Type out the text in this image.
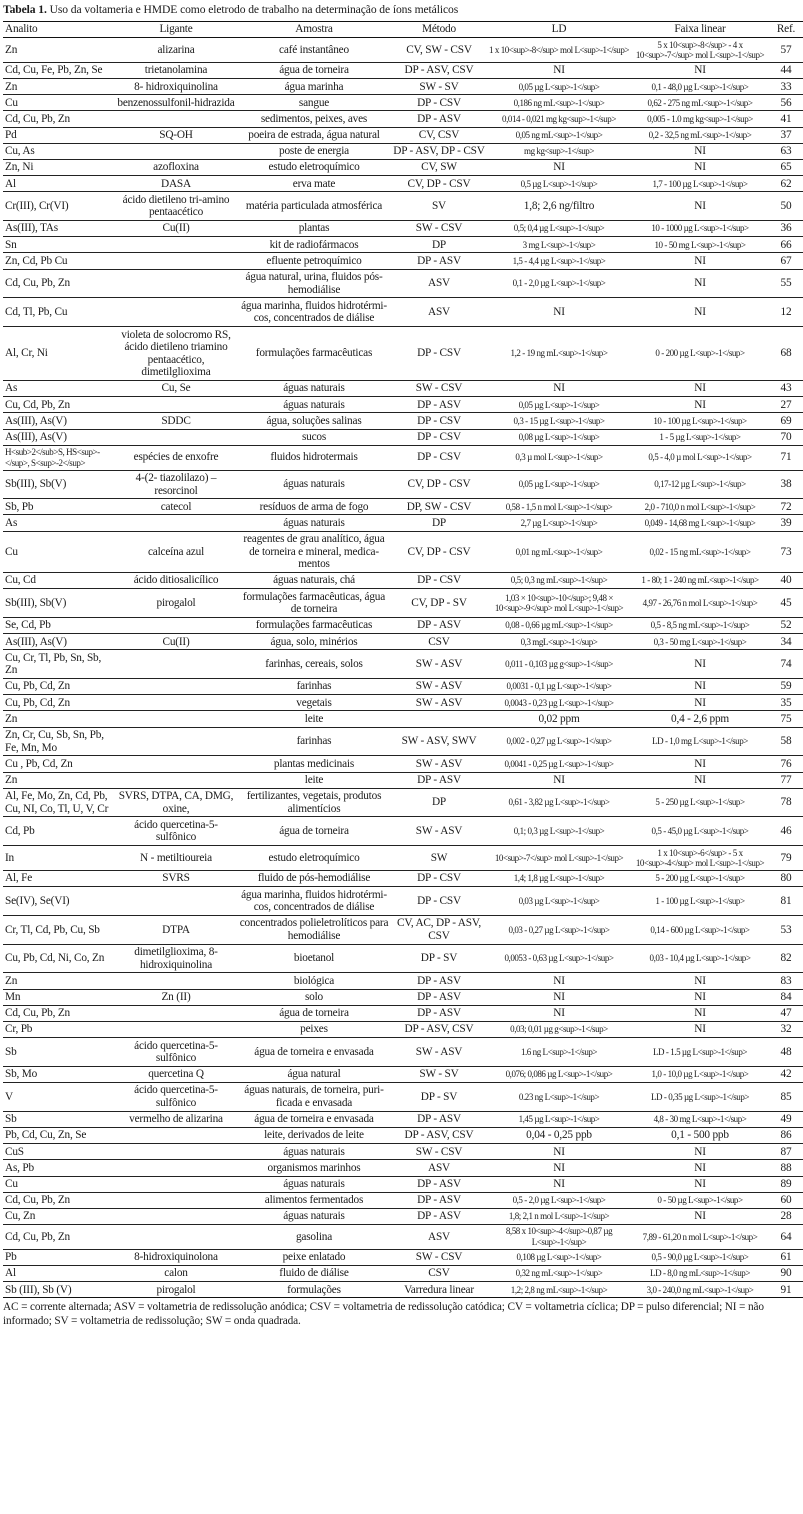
Tabela 1. Uso da voltameria e HMDE como eletrodo de trabalho na determinação de íons metálicos
Analito	Ligante	Amostra	Método	LD	Faixa linear	Ref.
Zn	alizarina	café instantâneo	CV, SW - CSV	1 x 10<sup>-8</sup> mol L<sup>-1</sup>	5 x 10<sup>-8</sup> - 4 x 10<sup>-7</sup> mol L<sup>-1</sup>	57
Cd, Cu, Fe, Pb, Zn, Se	trietanolamina	água de torneira	DP - ASV, CSV	NI	NI	44
Zn	8- hidroxiquinolina	água marinha	SW - SV	0,05 µg L<sup>-1</sup>	0,1 - 48,0 µg L<sup>-1</sup>	33
Cu	benzenossulfonil-hidrazida	sangue	DP - CSV	0,186 ng mL<sup>-1</sup>	0,62 - 275 ng mL<sup>-1</sup>	56
Cd, Cu, Pb, Zn		sedimentos, peixes, aves	DP - ASV	0,014 - 0,021 mg kg<sup>-1</sup>	0,005 - 1.0 mg kg<sup>-1</sup>	41
Pd	SQ-OH	poeira de estrada, água natural	CV, CSV	0,05 ng mL<sup>-1</sup>	0,2 - 32,5 ng mL<sup>-1</sup>	37
Cu, As		poste de energia	DP - ASV, DP - CSV	mg kg<sup>-1</sup>	NI	63
Zn, Ni	azofloxina	estudo eletroquímico	CV, SW	NI	NI	65
Al	DASA	erva mate	CV, DP - CSV	0,5 µg L<sup>-1</sup>	1,7 - 100 µg L<sup>-1</sup>	62
Cr(III), Cr(VI)	ácido dietileno tri-amino pentaacético	matéria particulada atmosférica	SV	1,8; 2,6 ng/filtro	NI	50
As(III), TAs	Cu(II)	plantas	SW - CSV	0,5; 0,4 µg L<sup>-1</sup>	10 - 1000 µg L<sup>-1</sup>	36
Sn		kit de radiofármacos	DP	3 mg L<sup>-1</sup>	10 - 50 mg L<sup>-1</sup>	66
Zn, Cd, Pb Cu		efluente petroquímico	DP - ASV	1,5 - 4,4 µg L<sup>-1</sup>	NI	67
Cd, Cu, Pb, Zn		água natural, urina, fluidos pós-hemodiálise	ASV	0,1 - 2,0 µg L<sup>-1</sup>	NI	55
Cd, Tl, Pb, Cu		água marinha, fluidos hidrotérmi-cos, concentrados de diálise	ASV	NI	NI	12
Al, Cr, Ni	violeta de solocromo RS, ácido dietileno triamino pentaacético, dimetilglioxima	formulações farmacêuticas	DP - CSV	1,2 - 19 ng mL<sup>-1</sup>	0 - 200 µg L<sup>-1</sup>	68
As	Cu, Se	águas naturais	SW - CSV	NI	NI	43
Cu, Cd, Pb, Zn		águas naturais	DP - ASV	0,05 µg L<sup>-1</sup>	NI	27
As(III), As(V)	SDDC	água, soluções salinas	DP - CSV	0,3 - 15 µg L<sup>-1</sup>	10 - 100 µg L<sup>-1</sup>	69
As(III), As(V)		sucos	DP - CSV	0,08 µg L<sup>-1</sup>	1 - 5 µg L<sup>-1</sup>	70
H<sub>2</sub>S, HS<sup>-</sup>, S<sup>-2</sup>	espécies de enxofre	fluidos hidrotermais	DP - CSV	0,3 µ mol L<sup>-1</sup>	0,5 - 4,0 µ mol L<sup>-1</sup>	71
Sb(III), Sb(V)	4-(2- tiazolilazo) – resorcinol	águas naturais	CV, DP - CSV	0,05 µg L<sup>-1</sup>	0,17-12 µg L<sup>-1</sup>	38
Sb, Pb	catecol	resíduos de arma de fogo	DP, SW - CSV	0,58 - 1,5 n mol L<sup>-1</sup>	2,0 - 710,0 n mol L<sup>-1</sup>	72
As		águas naturais	DP	2,7 µg L<sup>-1</sup>	0,049 - 14,68 mg L<sup>-1</sup>	39
Cu	calceína azul	reagentes de grau analítico, água de torneira e mineral, medica-mentos	CV, DP - CSV	0,01 ng mL<sup>-1</sup>	0,02 - 15 ng mL<sup>-1</sup>	73
Cu, Cd	ácido ditiosalicílico	águas naturais, chá	DP - CSV	0,5; 0,3 ng mL<sup>-1</sup>	1 - 80; 1 - 240 ng mL<sup>-1</sup>	40
Sb(III), Sb(V)	pirogalol	formulações farmacêuticas, água de torneira	CV, DP - SV	1,03 × 10<sup>-10</sup>; 9,48 × 10<sup>-9</sup> mol L<sup>-1</sup>	4,97 - 26,76 n mol L<sup>-1</sup>	45
Se, Cd, Pb		formulações farmacêuticas	DP - ASV	0,08 - 0,66 µg mL<sup>-1</sup>	0,5 - 8,5 ng mL<sup>-1</sup>	52
As(III), As(V)	Cu(II)	água, solo, minérios	CSV	0,3 mgL<sup>-1</sup>	0,3 - 50 mg L<sup>-1</sup>	34
Cu, Cr, Tl, Pb, Sn, Sb, Zn		farinhas, cereais, solos	SW - ASV	0,011 - 0,103 µg g<sup>-1</sup>	NI	74
Cu, Pb, Cd, Zn		farinhas	SW - ASV	0,0031 - 0,1 µg L<sup>-1</sup>	NI	59
Cu, Pb, Cd, Zn		vegetais	SW - ASV	0,0043 - 0,23 µg L<sup>-1</sup>	NI	35
Zn		leite		0,02 ppm	0,4 - 2,6 ppm	75
Zn, Cr, Cu, Sb, Sn, Pb, Fe, Mn, Mo		farinhas	SW - ASV, SWV	0,002 - 0,27 µg L<sup>-1</sup>	LD - 1,0 mg L<sup>-1</sup>	58
Cu , Pb, Cd, Zn		plantas medicinais	SW - ASV	0,0041 - 0,25 µg L<sup>-1</sup>	NI	76
Zn		leite	DP - ASV	NI	NI	77
Al, Fe, Mo, Zn, Cd, Pb, Cu, NI, Co, Tl, U, V, Cr	SVRS, DTPA, CA, DMG, oxine,	fertilizantes, vegetais, produtos alimentícios	DP	0,61 - 3,82 µg L<sup>-1</sup>	5 - 250 µg L<sup>-1</sup>	78
Cd, Pb	ácido quercetina-5-sulfônico	água de torneira	SW - ASV	0,1; 0,3 µg L<sup>-1</sup>	0,5 - 45,0 µg L<sup>-1</sup>	46
In	N - metiltioureia	estudo eletroquímico	SW	10<sup>-7</sup> mol L<sup>-1</sup>	1 x 10<sup>-6</sup> - 5 x 10<sup>-4</sup> mol L<sup>-1</sup>	79
Al, Fe	SVRS	fluido de pós-hemodiálise	DP - CSV	1,4; 1,8 µg L<sup>-1</sup>	5 - 200 µg L<sup>-1</sup>	80
Se(IV), Se(VI)		água marinha, fluidos hidrotérmi-cos, concentrados de diálise	DP - CSV	0,03 µg L<sup>-1</sup>	1 - 100 µg L<sup>-1</sup>	81
Cr, Tl, Cd, Pb, Cu, Sb	DTPA	concentrados polieletrolíticos para hemodiálise	CV, AC, DP - ASV, CSV	0,03 - 0,27 µg L<sup>-1</sup>	0,14 - 600 µg L<sup>-1</sup>	53
Cu, Pb, Cd, Ni, Co, Zn	dimetilglioxima, 8-hidroxiquinolina	bioetanol	DP - SV	0,0053 - 0,63 µg L<sup>-1</sup>	0,03 - 10,4 µg L<sup>-1</sup>	82
Zn		biológica	DP - ASV	NI	NI	83
Mn	Zn (II)	solo	DP - ASV	NI	NI	84
Cd, Cu, Pb, Zn		água de torneira	DP - ASV	NI	NI	47
Cr, Pb		peixes	DP - ASV, CSV	0,03; 0,01 µg g<sup>-1</sup>	NI	32
Sb	ácido quercetina-5-sulfônico	água de torneira e envasada	SW - ASV	1.6 ng L<sup>-1</sup>	LD - 1.5 µg L<sup>-1</sup>	48
Sb, Mo	quercetina Q	água natural	SW - SV	0,076; 0,086 µg L<sup>-1</sup>	1,0 - 10,0 µg L<sup>-1</sup>	42
V	ácido quercetina-5-sulfônico	águas naturais, de torneira, puri-ficada e envasada	DP - SV	0.23 ng L<sup>-1</sup>	LD - 0,35 µg L<sup>-1</sup>	85
Sb	vermelho de alizarina	água de torneira e envasada	DP - ASV	1,45 µg L<sup>-1</sup>	4,8 - 30 mg L<sup>-1</sup>	49
Pb, Cd, Cu, Zn, Se		leite, derivados de leite	DP - ASV, CSV	0,04 - 0,25 ppb	0,1 - 500 ppb	86
CuS		águas naturais	SW - CSV	NI	NI	87
As, Pb		organismos marinhos	ASV	NI	NI	88
Cu		águas naturais	DP - ASV	NI	NI	89
Cd, Cu, Pb, Zn		alimentos fermentados	DP - ASV	0,5 - 2,0 µg L<sup>-1</sup>	0 - 50 µg L<sup>-1</sup>	60
Cu, Zn		águas naturais	DP - ASV	1,8; 2,1 n mol L<sup>-1</sup>	NI	28
Cd, Cu, Pb, Zn		gasolina	ASV	8,58 x 10<sup>-4</sup>-0,87 µg L<sup>-1</sup>	7,89 - 61,20 n mol L<sup>-1</sup>	64
Pb	8-hidroxiquinolona	peixe enlatado	SW - CSV	0,108 µg L<sup>-1</sup>	0,5 - 90,0 µg L<sup>-1</sup>	61
Al	calon	fluido de diálise	CSV	0,32 ng mL<sup>-1</sup>	LD - 8,0 ng mL<sup>-1</sup>	90
Sb (III), Sb (V)	pirogalol	formulações	Varredura linear	1,2; 2,8 ng mL<sup>-1</sup>	3,0 - 240,0 ng mL<sup>-1</sup>	91
AC = corrente alternada; ASV = voltametria de redissolução anódica; CSV = voltametria de redissolução catódica; CV = voltametria cíclica; DP = pulso diferencial; NI = não informado; SV = voltametria de redissolução; SW = onda quadrada.
